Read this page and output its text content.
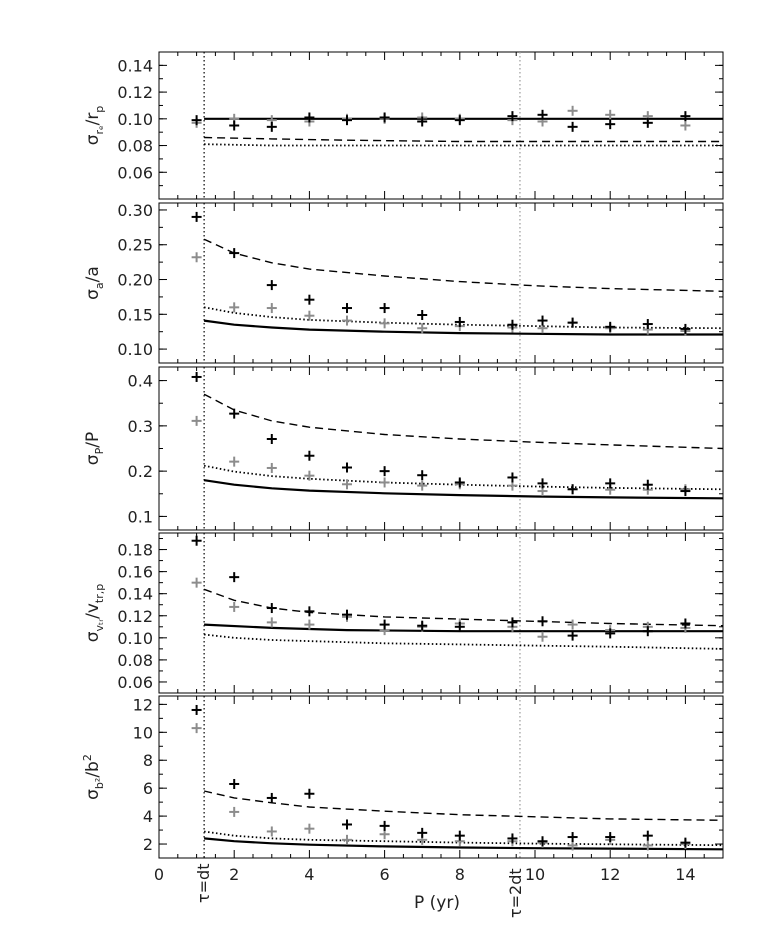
0.06
0.08
0.10
0.12
0.14
$\sigma_{r_e}/r_p$
0.10
0.15
0.20
0.25
0.30
$\sigma_a/a$
0.1
0.2
0.3
0.4
$\sigma_P/P$
0.06
0.08
0.10
0.12
0.14
0.16
0.18
$\sigma_{v_tᵣ}/v_{tr,p}$
2
4
6
8
10
12
0	2	4	6	8	10	12	14
$\sigma_{b^2}/b^2$
P (yr)
τ=dt	τ=2dt
